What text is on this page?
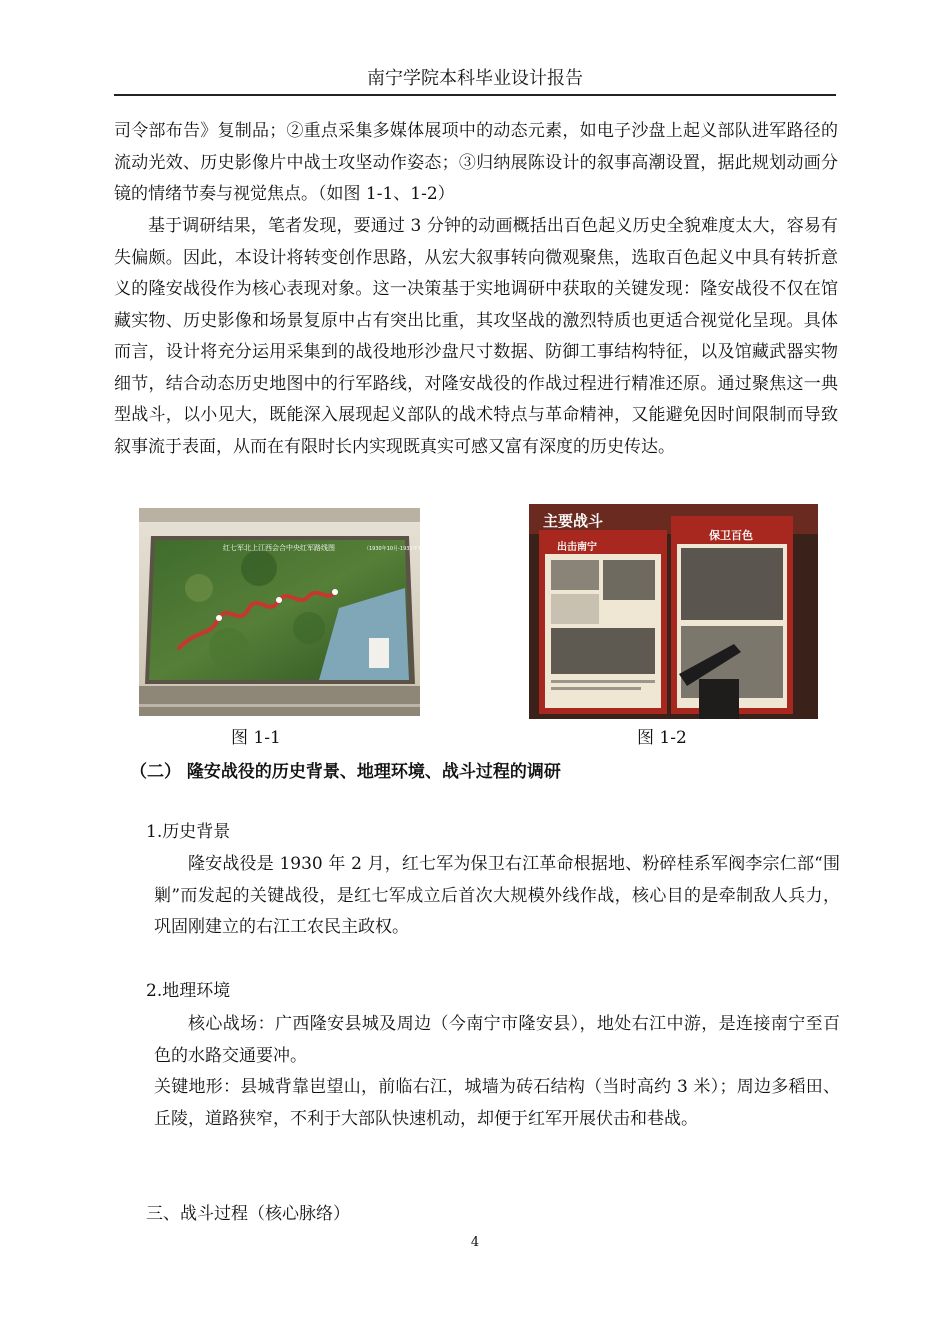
南宁学院本科毕业设计报告

司令部布告》复制品；②重点采集多媒体展项中的动态元素，如电子沙盘上起义部队进军路径的流动光效、历史影像片中战士攻坚动作姿态；③归纳展陈设计的叙事高潮设置，据此规划动画分镜的情绪节奏与视觉焦点。（如图 1-1、1-2）

基于调研结果，笔者发现，要通过 3 分钟的动画概括出百色起义历史全貌难度太大，容易有失偏颇。因此，本设计将转变创作思路，从宏大叙事转向微观聚焦，选取百色起义中具有转折意义的隆安战役作为核心表现对象。这一决策基于实地调研中获取的关键发现：隆安战役不仅在馆藏实物、历史影像和场景复原中占有突出比重，其攻坚战的激烈特质也更适合视觉化呈现。具体而言，设计将充分运用采集到的战役地形沙盘尺寸数据、防御工事结构特征，以及馆藏武器实物细节，结合动态历史地图中的行军路线，对隆安战役的作战过程进行精准还原。通过聚焦这一典型战斗，以小见大，既能深入展现起义部队的战术特点与革命精神，又能避免因时间限制而导致叙事流于表面，从而在有限时长内实现既真实可感又富有深度的历史传达。

红七军北上江西会合中央红军路线图	（1930年10月-1931年7月）
主要战斗
出击南宁
保卫百色
图 1-1	图 1-2
（二） 隆安战役的历史背景、地理环境、战斗过程的调研
1.历史背景

隆安战役是 1930 年 2 月，红七军为保卫右江革命根据地、粉碎桂系军阀李宗仁部“围剿”而发起的关键战役，是红七军成立后首次大规模外线作战，核心目的是牵制敌人兵力，巩固刚建立的右江工农民主政权。

2.地理环境

核心战场：广西隆安县城及周边（今南宁市隆安县），地处右江中游，是连接南宁至百色的水路交通要冲。

关键地形：县城背靠岜望山，前临右江，城墙为砖石结构（当时高约 3 米）；周边多稻田、丘陵，道路狭窄，不利于大部队快速机动，却便于红军开展伏击和巷战。

三、战斗过程（核心脉络）
4
